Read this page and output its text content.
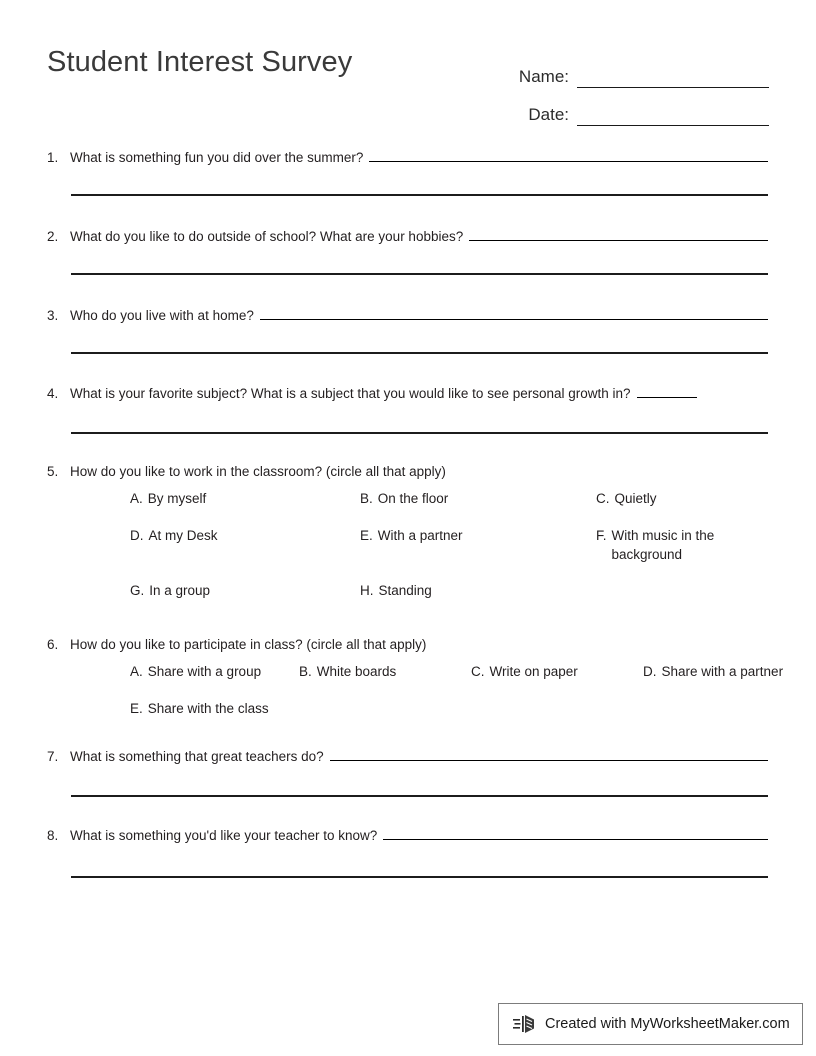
Student Interest Survey	Name:
Date:
1. What is something fun you did over the summer?
2. What do you like to do outside of school? What are your hobbies?
3. Who do you live with at home?
4. What is your favorite subject? What is a subject that you would like to see personal growth in?
5. How do you like to work in the classroom? (circle all that apply)
A. By myself	B. On the floor	C. Quietly
D. At my Desk	E. With a partner	F. With music in the background
G. In a group	H. Standing
6. How do you like to participate in class? (circle all that apply)
A. Share with a group	B. White boards	C. Write on paper	D. Share with a partner
E. Share with the class
7. What is something that great teachers do?
8. What is something you'd like your teacher to know?
Created with MyWorksheetMaker.com
